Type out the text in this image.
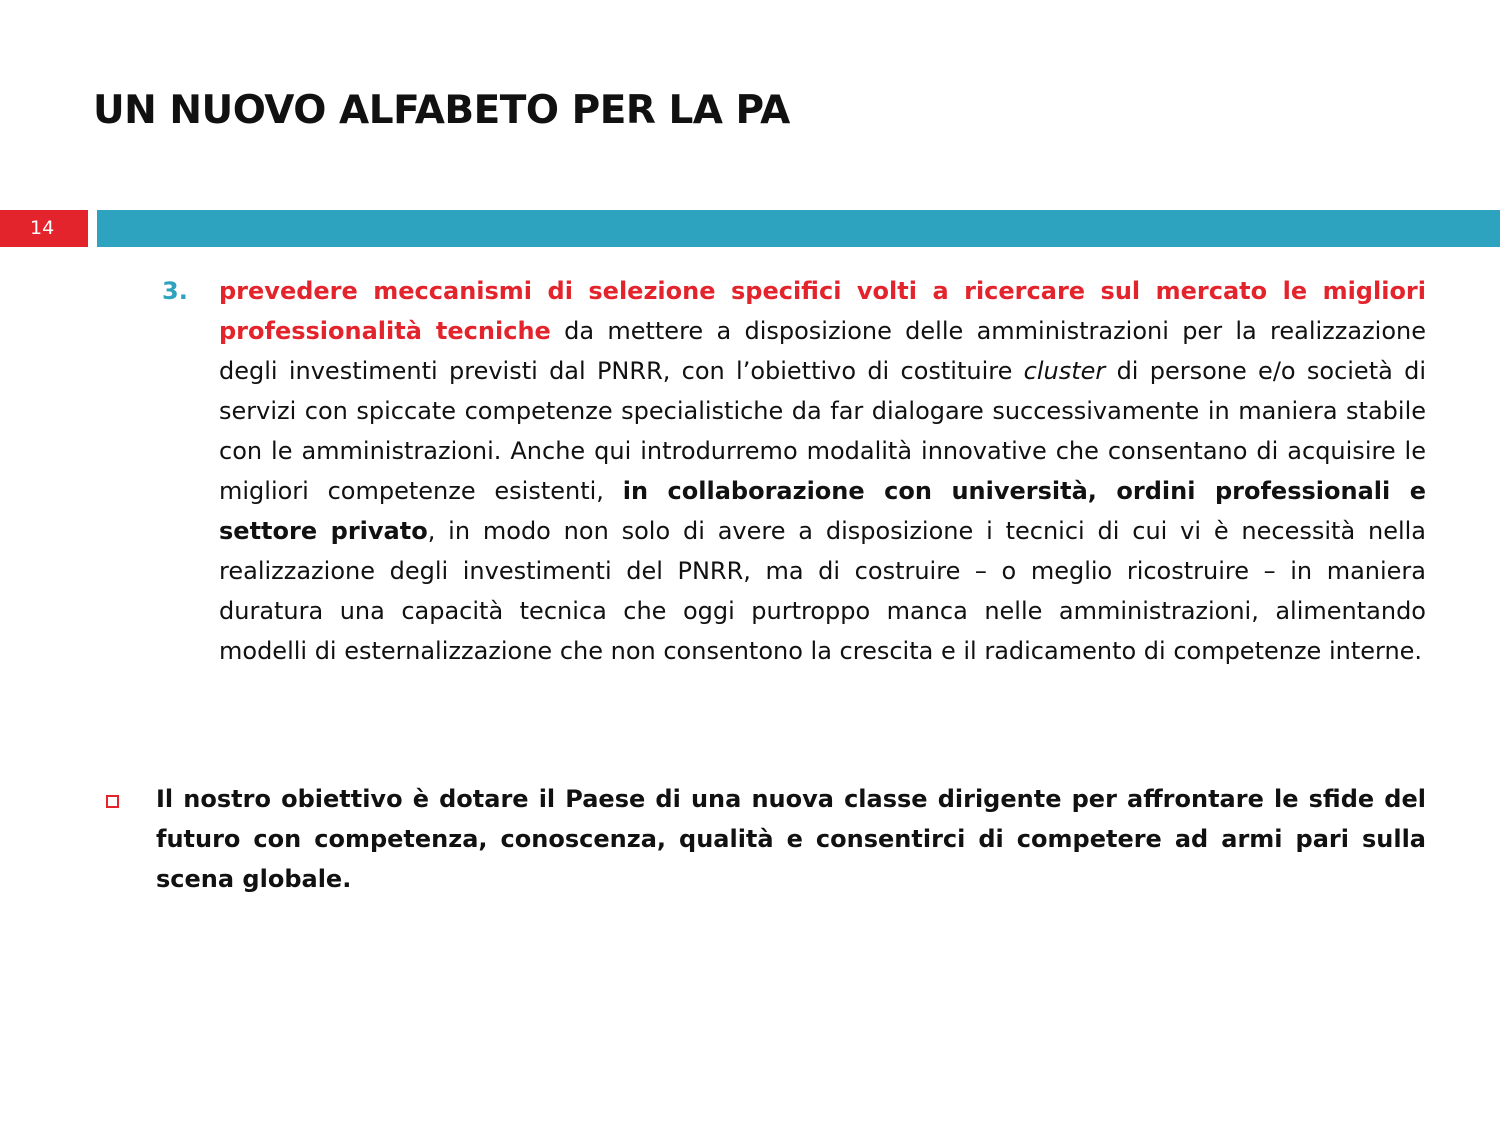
UN NUOVO ALFABETO PER LA PA
14
3. prevedere meccanismi di selezione specifici volti a ricercare sul mercato le migliori professionalità tecniche da mettere a disposizione delle amministrazioni per la realizzazione degli investimenti previsti dal PNRR, con l’obiettivo di costituire cluster di persone e/o società di servizi con spiccate competenze specialistiche da far dialogare successivamente in maniera stabile con le amministrazioni. Anche qui introdurremo modalità innovative che consentano di acquisire le migliori competenze esistenti, in collaborazione con università, ordini professionali e settore privato, in modo non solo di avere a disposizione i tecnici di cui vi è necessità nella realizzazione degli investimenti del PNRR, ma di costruire – o meglio ricostruire – in maniera duratura una capacità tecnica che oggi purtroppo manca nelle amministrazioni, alimentando modelli di esternalizzazione che non consentono la crescita e il radicamento di competenze interne.
Il nostro obiettivo è dotare il Paese di una nuova classe dirigente per affrontare le sfide del futuro con competenza, conoscenza, qualità e consentirci di competere ad armi pari sulla scena globale.
